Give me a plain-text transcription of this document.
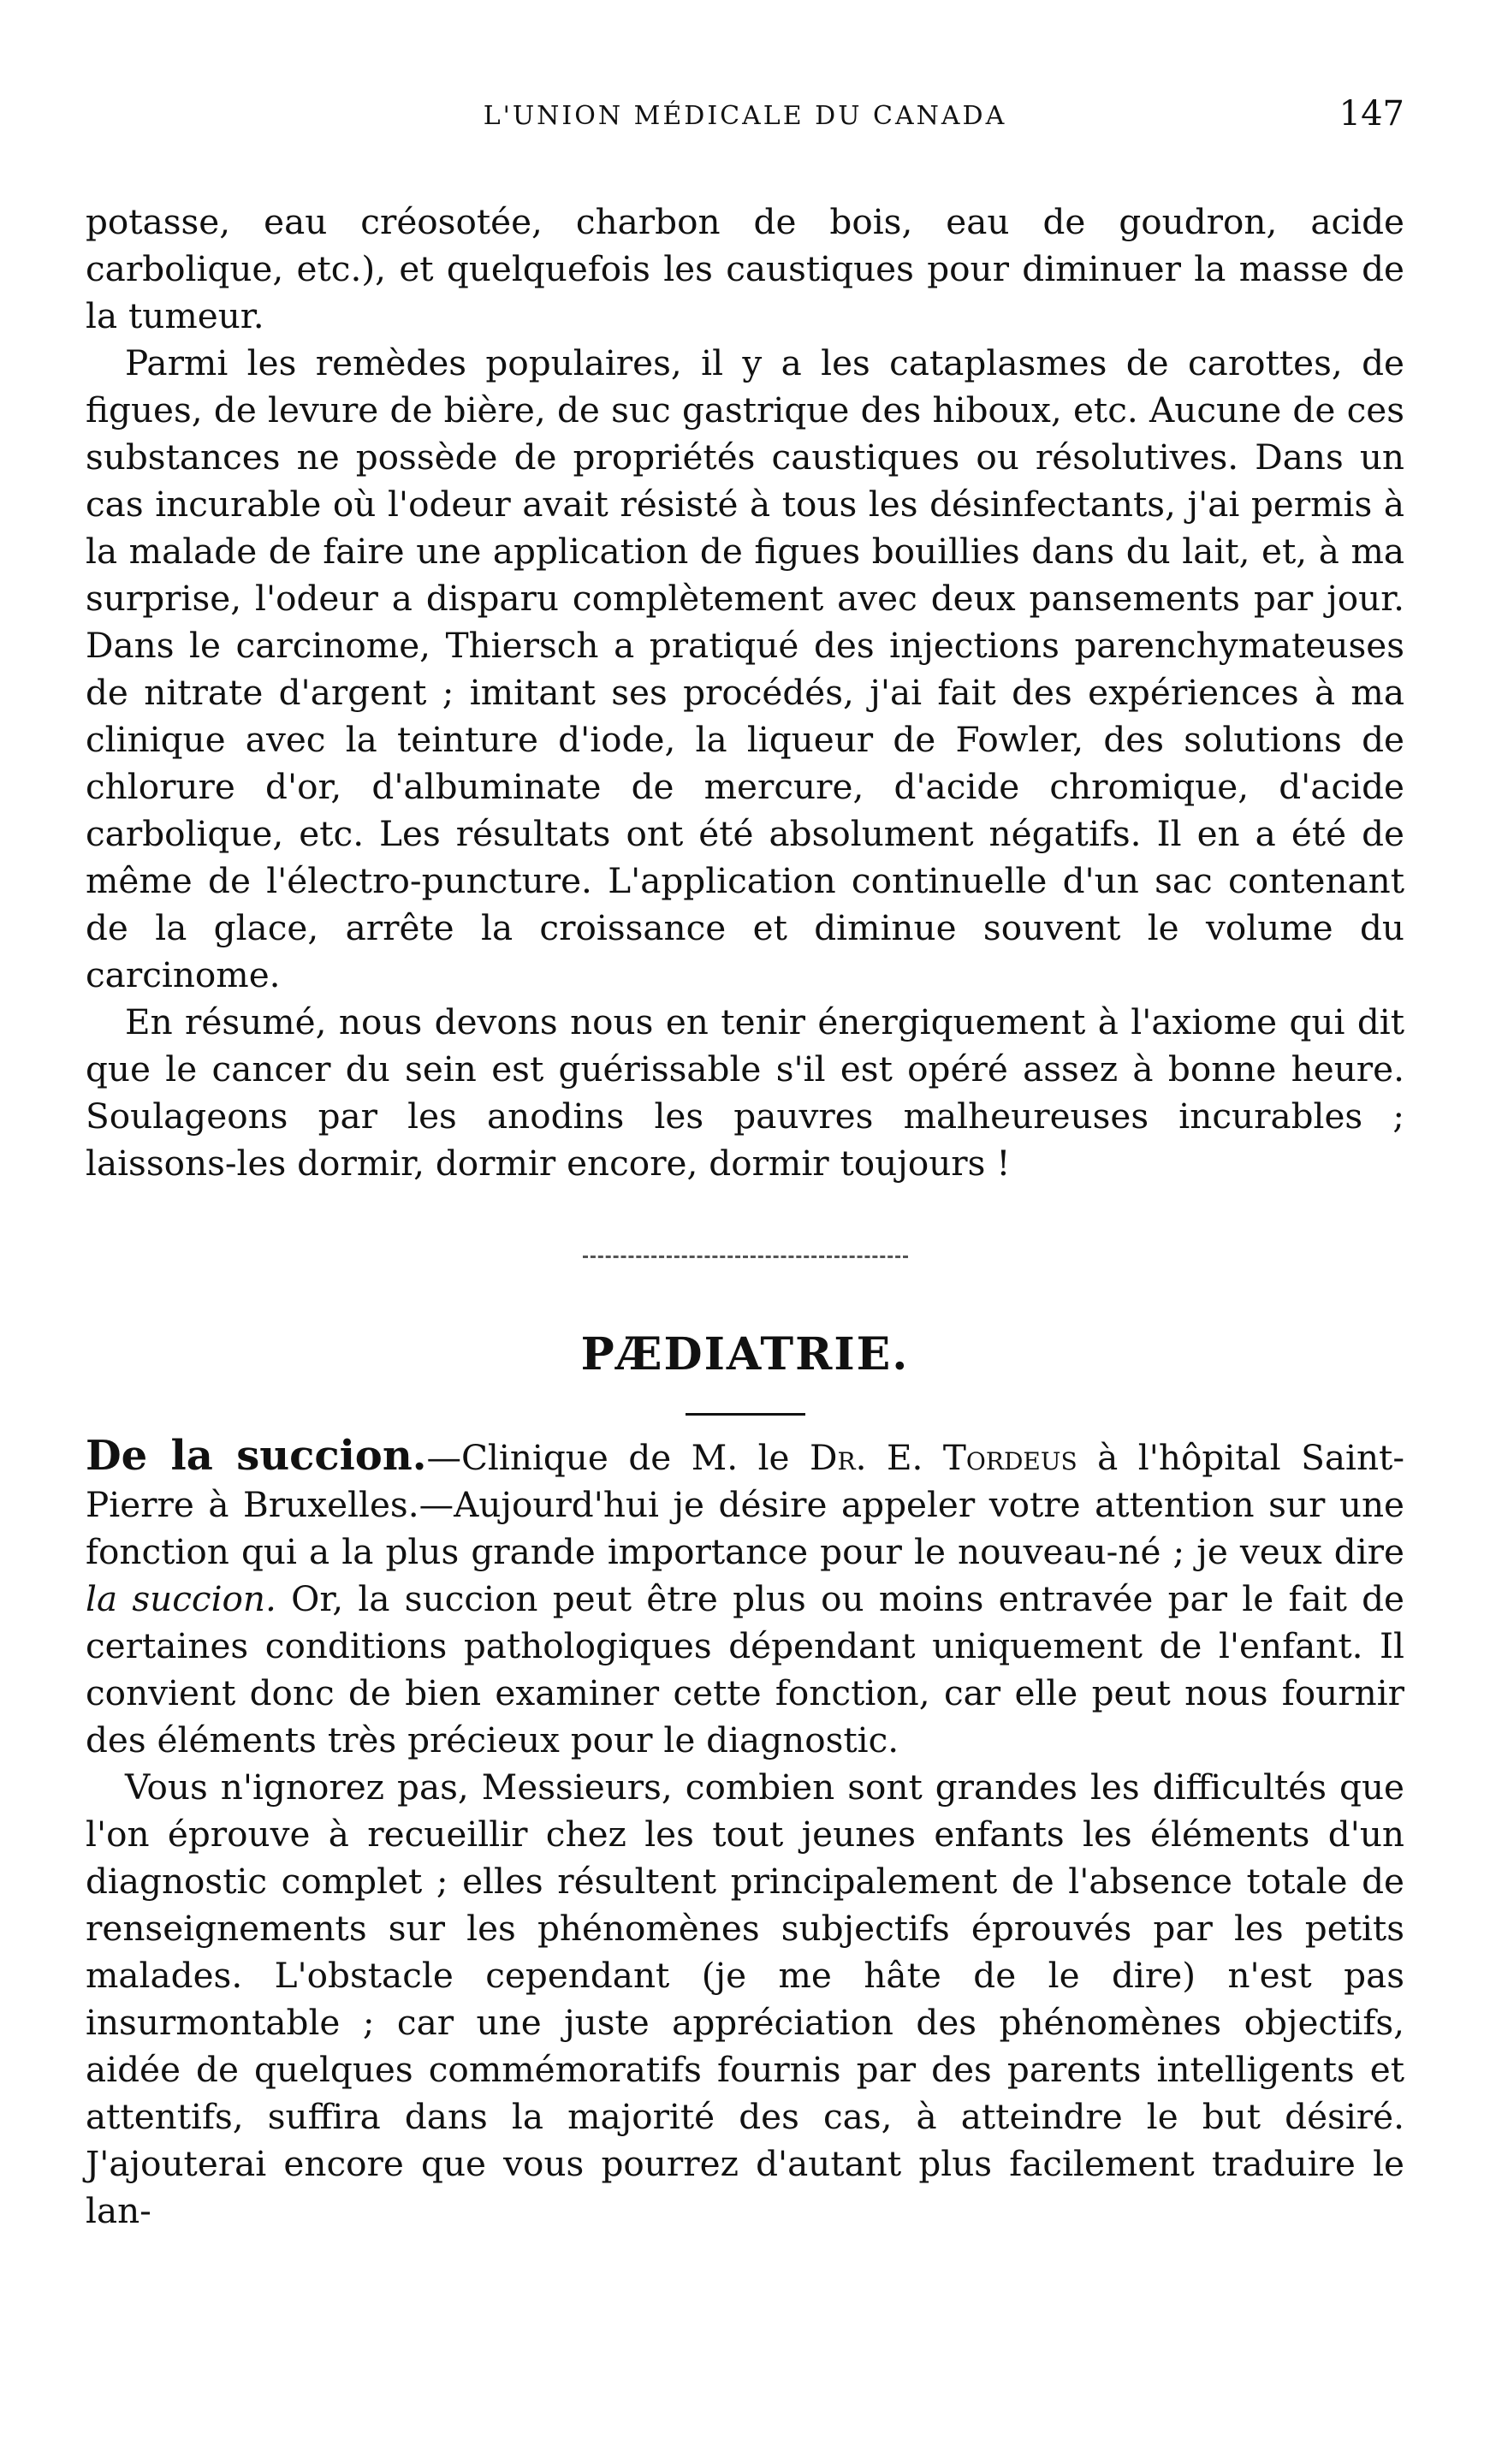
L'UNION MÉDICALE DU CANADA	147

potasse, eau créosotée, charbon de bois, eau de goudron, acide carbolique, etc.), et quelquefois les caustiques pour diminuer la masse de la tumeur.

Parmi les remèdes populaires, il y a les cataplasmes de carottes, de figues, de levure de bière, de suc gastrique des hiboux, etc. Aucune de ces substances ne possède de propriétés caustiques ou résolutives. Dans un cas incurable où l'odeur avait résisté à tous les désinfectants, j'ai permis à la malade de faire une application de figues bouillies dans du lait, et, à ma surprise, l'odeur a disparu complètement avec deux pansements par jour. Dans le carcinome, Thiersch a pratiqué des injections parenchymateuses de nitrate d'argent ; imitant ses procédés, j'ai fait des expériences à ma clinique avec la teinture d'iode, la liqueur de Fowler, des solutions de chlorure d'or, d'albuminate de mercure, d'acide chromique, d'acide carbolique, etc. Les résultats ont été absolument négatifs. Il en a été de même de l'électro-puncture. L'application continuelle d'un sac contenant de la glace, arrête la croissance et diminue souvent le volume du carcinome.

En résumé, nous devons nous en tenir énergiquement à l'axiome qui dit que le cancer du sein est guérissable s'il est opéré assez à bonne heure. Soulageons par les anodins les pauvres malheureuses incurables ; laissons-les dormir, dormir encore, dormir toujours !

PÆDIATRIE.

De la succion.—Clinique de M. le Dr. E. Tordeus à l'hôpital Saint-Pierre à Bruxelles.—Aujourd'hui je désire appeler votre attention sur une fonction qui a la plus grande importance pour le nouveau-né ; je veux dire la succion. Or, la succion peut être plus ou moins entravée par le fait de certaines conditions pathologiques dépendant uniquement de l'enfant. Il convient donc de bien examiner cette fonction, car elle peut nous fournir des éléments très précieux pour le diagnostic.

Vous n'ignorez pas, Messieurs, combien sont grandes les difficultés que l'on éprouve à recueillir chez les tout jeunes enfants les éléments d'un diagnostic complet ; elles résultent principalement de l'absence totale de renseignements sur les phénomènes subjectifs éprouvés par les petits malades. L'obstacle cependant (je me hâte de le dire) n'est pas insurmontable ; car une juste appréciation des phénomènes objectifs, aidée de quelques commémoratifs fournis par des parents intelligents et attentifs, suffira dans la majorité des cas, à atteindre le but désiré. J'ajouterai encore que vous pourrez d'autant plus facilement traduire le lan-
